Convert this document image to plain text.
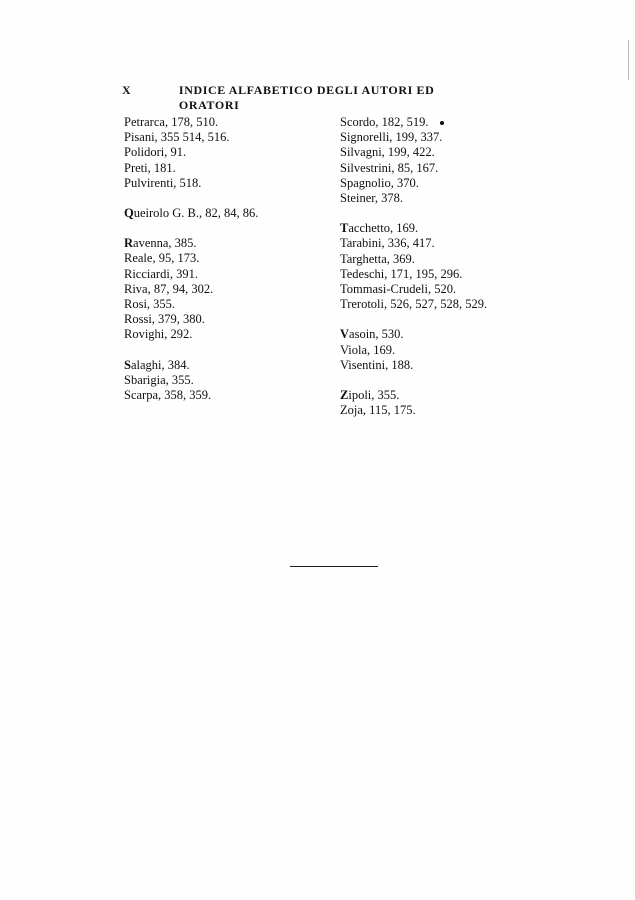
X	INDICE ALFABETICO DEGLI AUTORI ED ORATORI
Petrarca, 178, 510.
Pisani, 355 514, 516.
Polidori, 91.
Preti, 181.
Pulvirenti, 518.
Queirolo G. B., 82, 84, 86.
Ravenna, 385.
Reale, 95, 173.
Ricciardi, 391.
Riva, 87, 94, 302.
Rosi, 355.
Rossi, 379, 380.
Rovighi, 292.
Salaghi, 384.
Sbarigia, 355.
Scarpa, 358, 359.
Scordo, 182, 519.
Signorelli, 199, 337.
Silvagni, 199, 422.
Silvestrini, 85, 167.
Spagnolio, 370.
Steiner, 378.
Tacchetto, 169.
Tarabini, 336, 417.
Targhetta, 369.
Tedeschi, 171, 195, 296.
Tommasi-Crudeli, 520.
Trerotoli, 526, 527, 528, 529.
Vasoin, 530.
Viola, 169.
Visentini, 188.
Zipoli, 355.
Zoja, 115, 175.
